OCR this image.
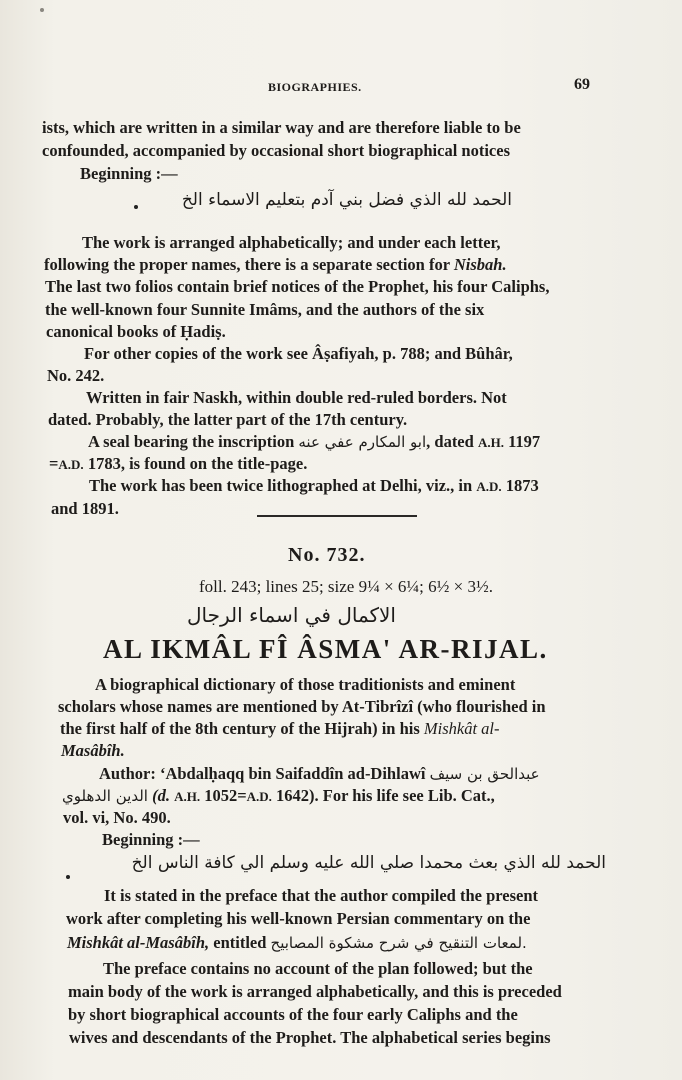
BIOGRAPHIES.	69
ists, which are written in a similar way and are therefore liable to be
confounded, accompanied by occasional short biographical notices
Beginning :—
الحمد لله الذي فضل بني آدم بتعليم الاسماء الخ
The work is arranged alphabetically; and under each letter,
following the proper names, there is a separate section for Nisbah.
The last two folios contain brief notices of the Prophet, his four Caliphs,
the well-known four Sunnite Imâms, and the authors of the six
canonical books of Ḥadiṣ.
For other copies of the work see Âṣafiyah, p. 788; and Bûhâr,
No. 242.
Written in fair Naskh, within double red-ruled borders. Not
dated. Probably, the latter part of the 17th century.
A seal bearing the inscription ابو المكارم عفي عنه, dated A.H. 1197
=A.D. 1783, is found on the title-page.
The work has been twice lithographed at Delhi, viz., in A.D. 1873
and 1891.
No. 732.
foll. 243; lines 25; size 9¼ × 6¼; 6½ × 3½.
الاكمال في اسماء الرجال
AL IKMÂL FÎ ÂSMA' AR-RIJAL.
A biographical dictionary of those traditionists and eminent
scholars whose names are mentioned by At-Tibrîzî (who flourished in
the first half of the 8th century of the Hijrah) in his Mishkât al-
Masâbîh.
Author: ‘Abdalḥaqq bin Saifaddîn ad-Dihlawî عبدالحق بن سيف
الدين الدهلوي (d. A.H. 1052=A.D. 1642). For his life see Lib. Cat.,
vol. vi, No. 490.
Beginning :—
الحمد لله الذي بعث محمدا صلي الله عليه وسلم الي كافة الناس الخ
It is stated in the preface that the author compiled the present
work after completing his well-known Persian commentary on the
Mishkât al-Masâbîh, entitled لمعات التنقيح في شرح مشكوة المصابيح.
The preface contains no account of the plan followed; but the
main body of the work is arranged alphabetically, and this is preceded
by short biographical accounts of the four early Caliphs and the
wives and descendants of the Prophet. The alphabetical series begins
